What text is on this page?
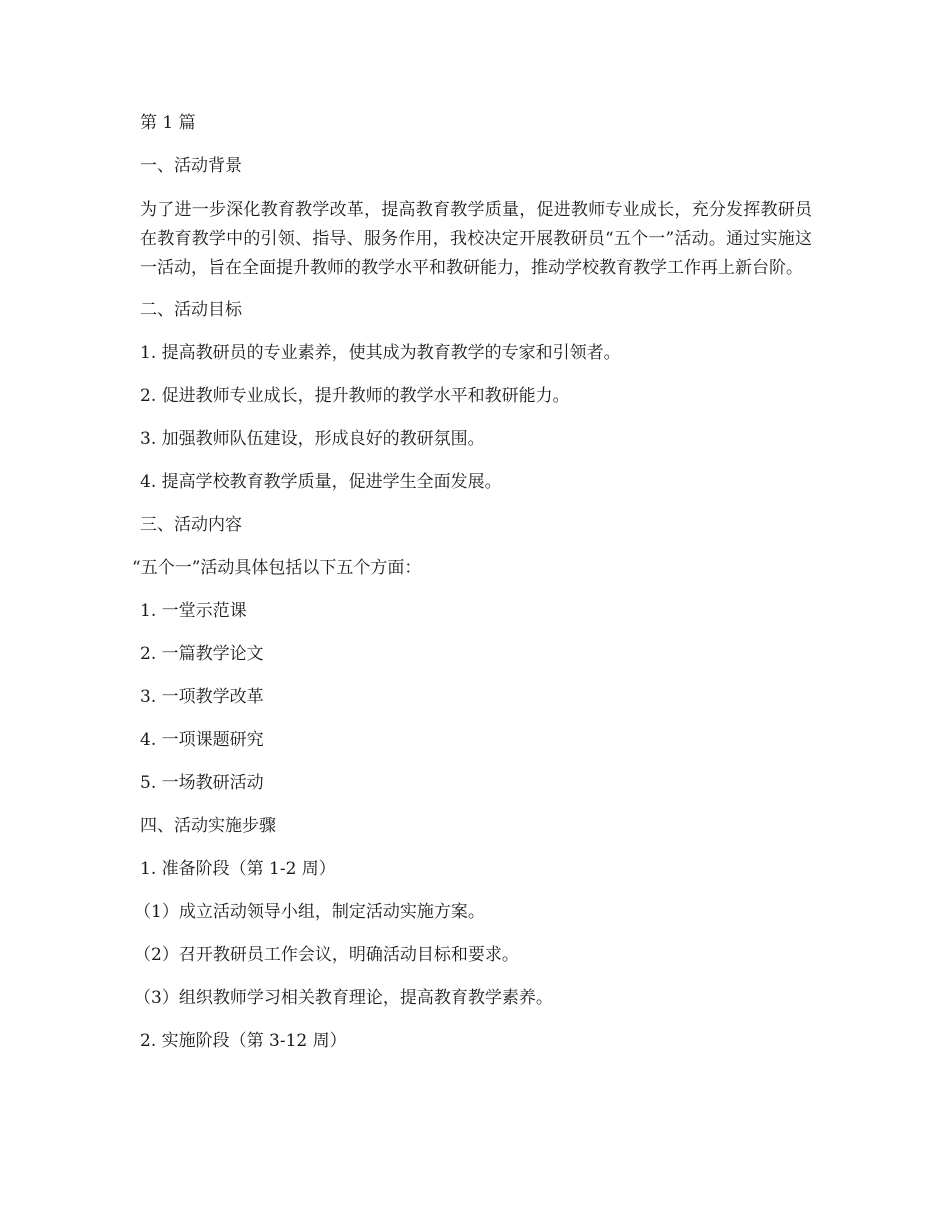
第 1 篇
一、活动背景
为了进一步深化教育教学改革，提高教育教学质量，促进教师专业成长，充分发挥教研员在教育教学中的引领、指导、服务作用，我校决定开展教研员“五个一”活动。通过实施这一活动，旨在全面提升教师的教学水平和教研能力，推动学校教育教学工作再上新台阶。
二、活动目标
1. 提高教研员的专业素养，使其成为教育教学的专家和引领者。
2. 促进教师专业成长，提升教师的教学水平和教研能力。
3. 加强教师队伍建设，形成良好的教研氛围。
4. 提高学校教育教学质量，促进学生全面发展。
三、活动内容
“五个一”活动具体包括以下五个方面：
1. 一堂示范课
2. 一篇教学论文
3. 一项教学改革
4. 一项课题研究
5. 一场教研活动
四、活动实施步骤
1. 准备阶段（第 1-2 周）
（1）成立活动领导小组，制定活动实施方案。
（2）召开教研员工作会议，明确活动目标和要求。
（3）组织教师学习相关教育理论，提高教育教学素养。
2. 实施阶段（第 3-12 周）
